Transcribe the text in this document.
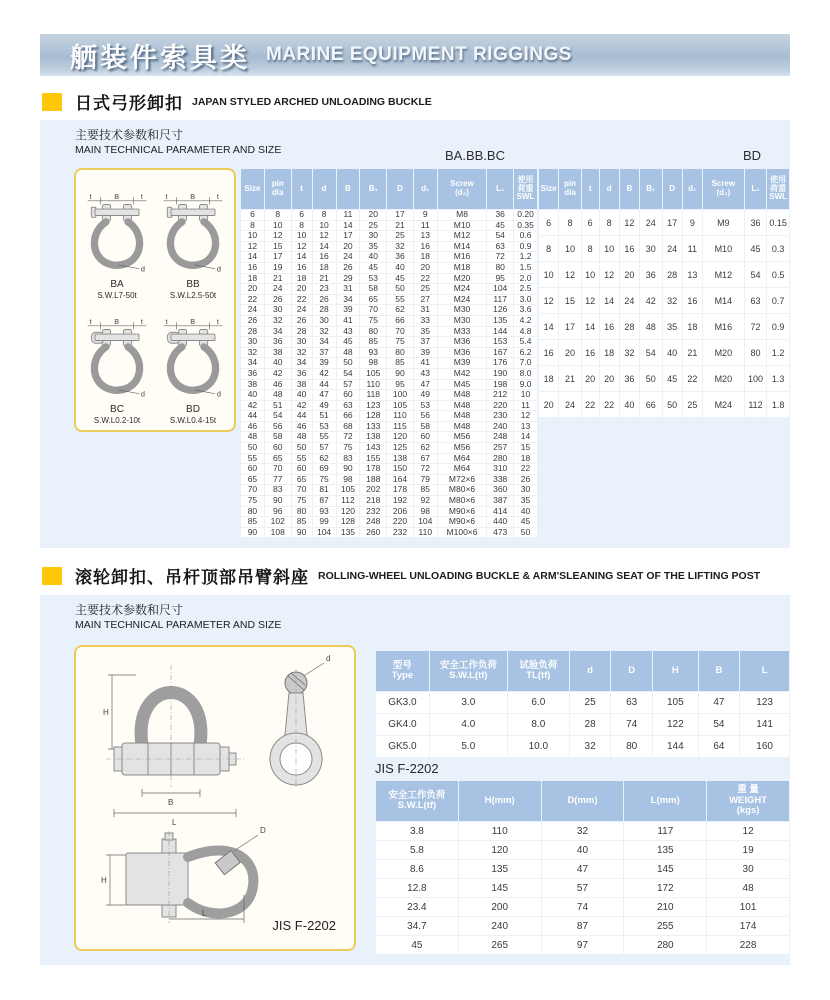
舾装件索具类 MARINE EQUIPMENT RIGGINGS
日式弓形卸扣 JAPAN STYLED ARCHED UNLOADING BUCKLE
主要技术参数和尺寸
MAIN TECHNICAL PARAMETER AND SIZE	BA.BB.BC	BD
t	B	t
d
BA
S.W.L7-50t
t	B	t
d
BB
S.W.L2.5-50t
t	B	t
d
BC
S.W.L0.2-10t
t	B	t
d
BD
S.W.L0.4-15t
Size	pin
dia	t	d	B	B₁	D	d₁	Screw
(d₂)	L₁	使用
荷重
SWL
6	8	6	8	11	20	17	9	M8	36	0.20
8	10	8	10	14	25	21	11	M10	45	0.35
10	12	10	12	17	30	25	13	M12	54	0.6
12	15	12	14	20	35	32	16	M14	63	0.9
14	17	14	16	24	40	36	18	M16	72	1.2
16	19	16	18	26	45	40	20	M18	80	1.5
18	21	18	21	29	53	45	22	M20	95	2.0
20	24	20	23	31	58	50	25	M24	104	2.5
22	26	22	26	34	65	55	27	M24	117	3.0
24	30	24	28	39	70	62	31	M30	126	3.6
26	32	26	30	41	75	66	33	M30	135	4.2
28	34	28	32	43	80	70	35	M33	144	4.8
30	36	30	34	45	85	75	37	M36	153	5.4
32	38	32	37	48	93	80	39	M36	167	6.2
34	40	34	39	50	98	85	41	M39	176	7.0
36	42	36	42	54	105	90	43	M42	190	8.0
38	46	38	44	57	110	95	47	M45	198	9.0
40	48	40	47	60	118	100	49	M48	212	10
42	51	42	49	63	123	105	53	M48	220	11
44	54	44	51	66	128	110	56	M48	230	12
46	56	46	53	68	133	115	58	M48	240	13
48	58	48	55	72	138	120	60	M56	248	14
50	60	50	57	75	143	125	62	M56	257	15
55	65	55	62	83	155	138	67	M64	280	18
60	70	60	69	90	178	150	72	M64	310	22
65	77	65	75	98	188	164	79	M72×6	338	26
70	83	70	81	105	202	178	85	M80×6	360	30
75	90	75	87	112	218	192	92	M80×6	387	35
80	96	80	93	120	232	206	98	M90×6	414	40
85	102	85	99	128	248	220	104	M90×6	440	45
90	108	90	104	135	260	232	110	M100×6	473	50
Size	pin
dia	t	d	B	B₁	D	d₁	Screw
(d₂)	L₁	使用
荷重
SWL
6	8	6	8	12	24	17	9	M9	36	0.15
8	10	8	10	16	30	24	11	M10	45	0.3
10	12	10	12	20	36	28	13	M12	54	0.5
12	15	12	14	24	42	32	16	M14	63	0.7
14	17	14	16	28	48	35	18	M16	72	0.9
16	20	16	18	32	54	40	21	M20	80	1.2
18	21	20	20	36	50	45	22	M20	100	1.3
20	24	22	22	40	66	50	25	M24	112	1.8
滚轮卸扣、吊杆顶部吊臂斜座 ROLLING-WHEEL UNLOADING BUCKLE & ARM'SLEANING SEAT OF THE LIFTING POST
主要技术参数和尺寸
MAIN TECHNICAL PARAMETER AND SIZE
H
B
L
d
H
D
L
JIS F-2202
型号
Type	安全工作负荷
S.W.L(tf)	试验负荷
TL(tf)	d	D	H	B	L
GK3.0	3.0	6.0	25	63	105	47	123
GK4.0	4.0	8.0	28	74	122	54	141
GK5.0	5.0	10.0	32	80	144	64	160
JIS F-2202
安全工作负荷
S.W.L(tf)	H(mm)	D(mm)	L(mm)	重 量
WEIGHT
(kgs)
3.8	110	32	117	12
5.8	120	40	135	19
8.6	135	47	145	30
12.8	145	57	172	48
23.4	200	74	210	101
34.7	240	87	255	174
45	265	97	280	228
